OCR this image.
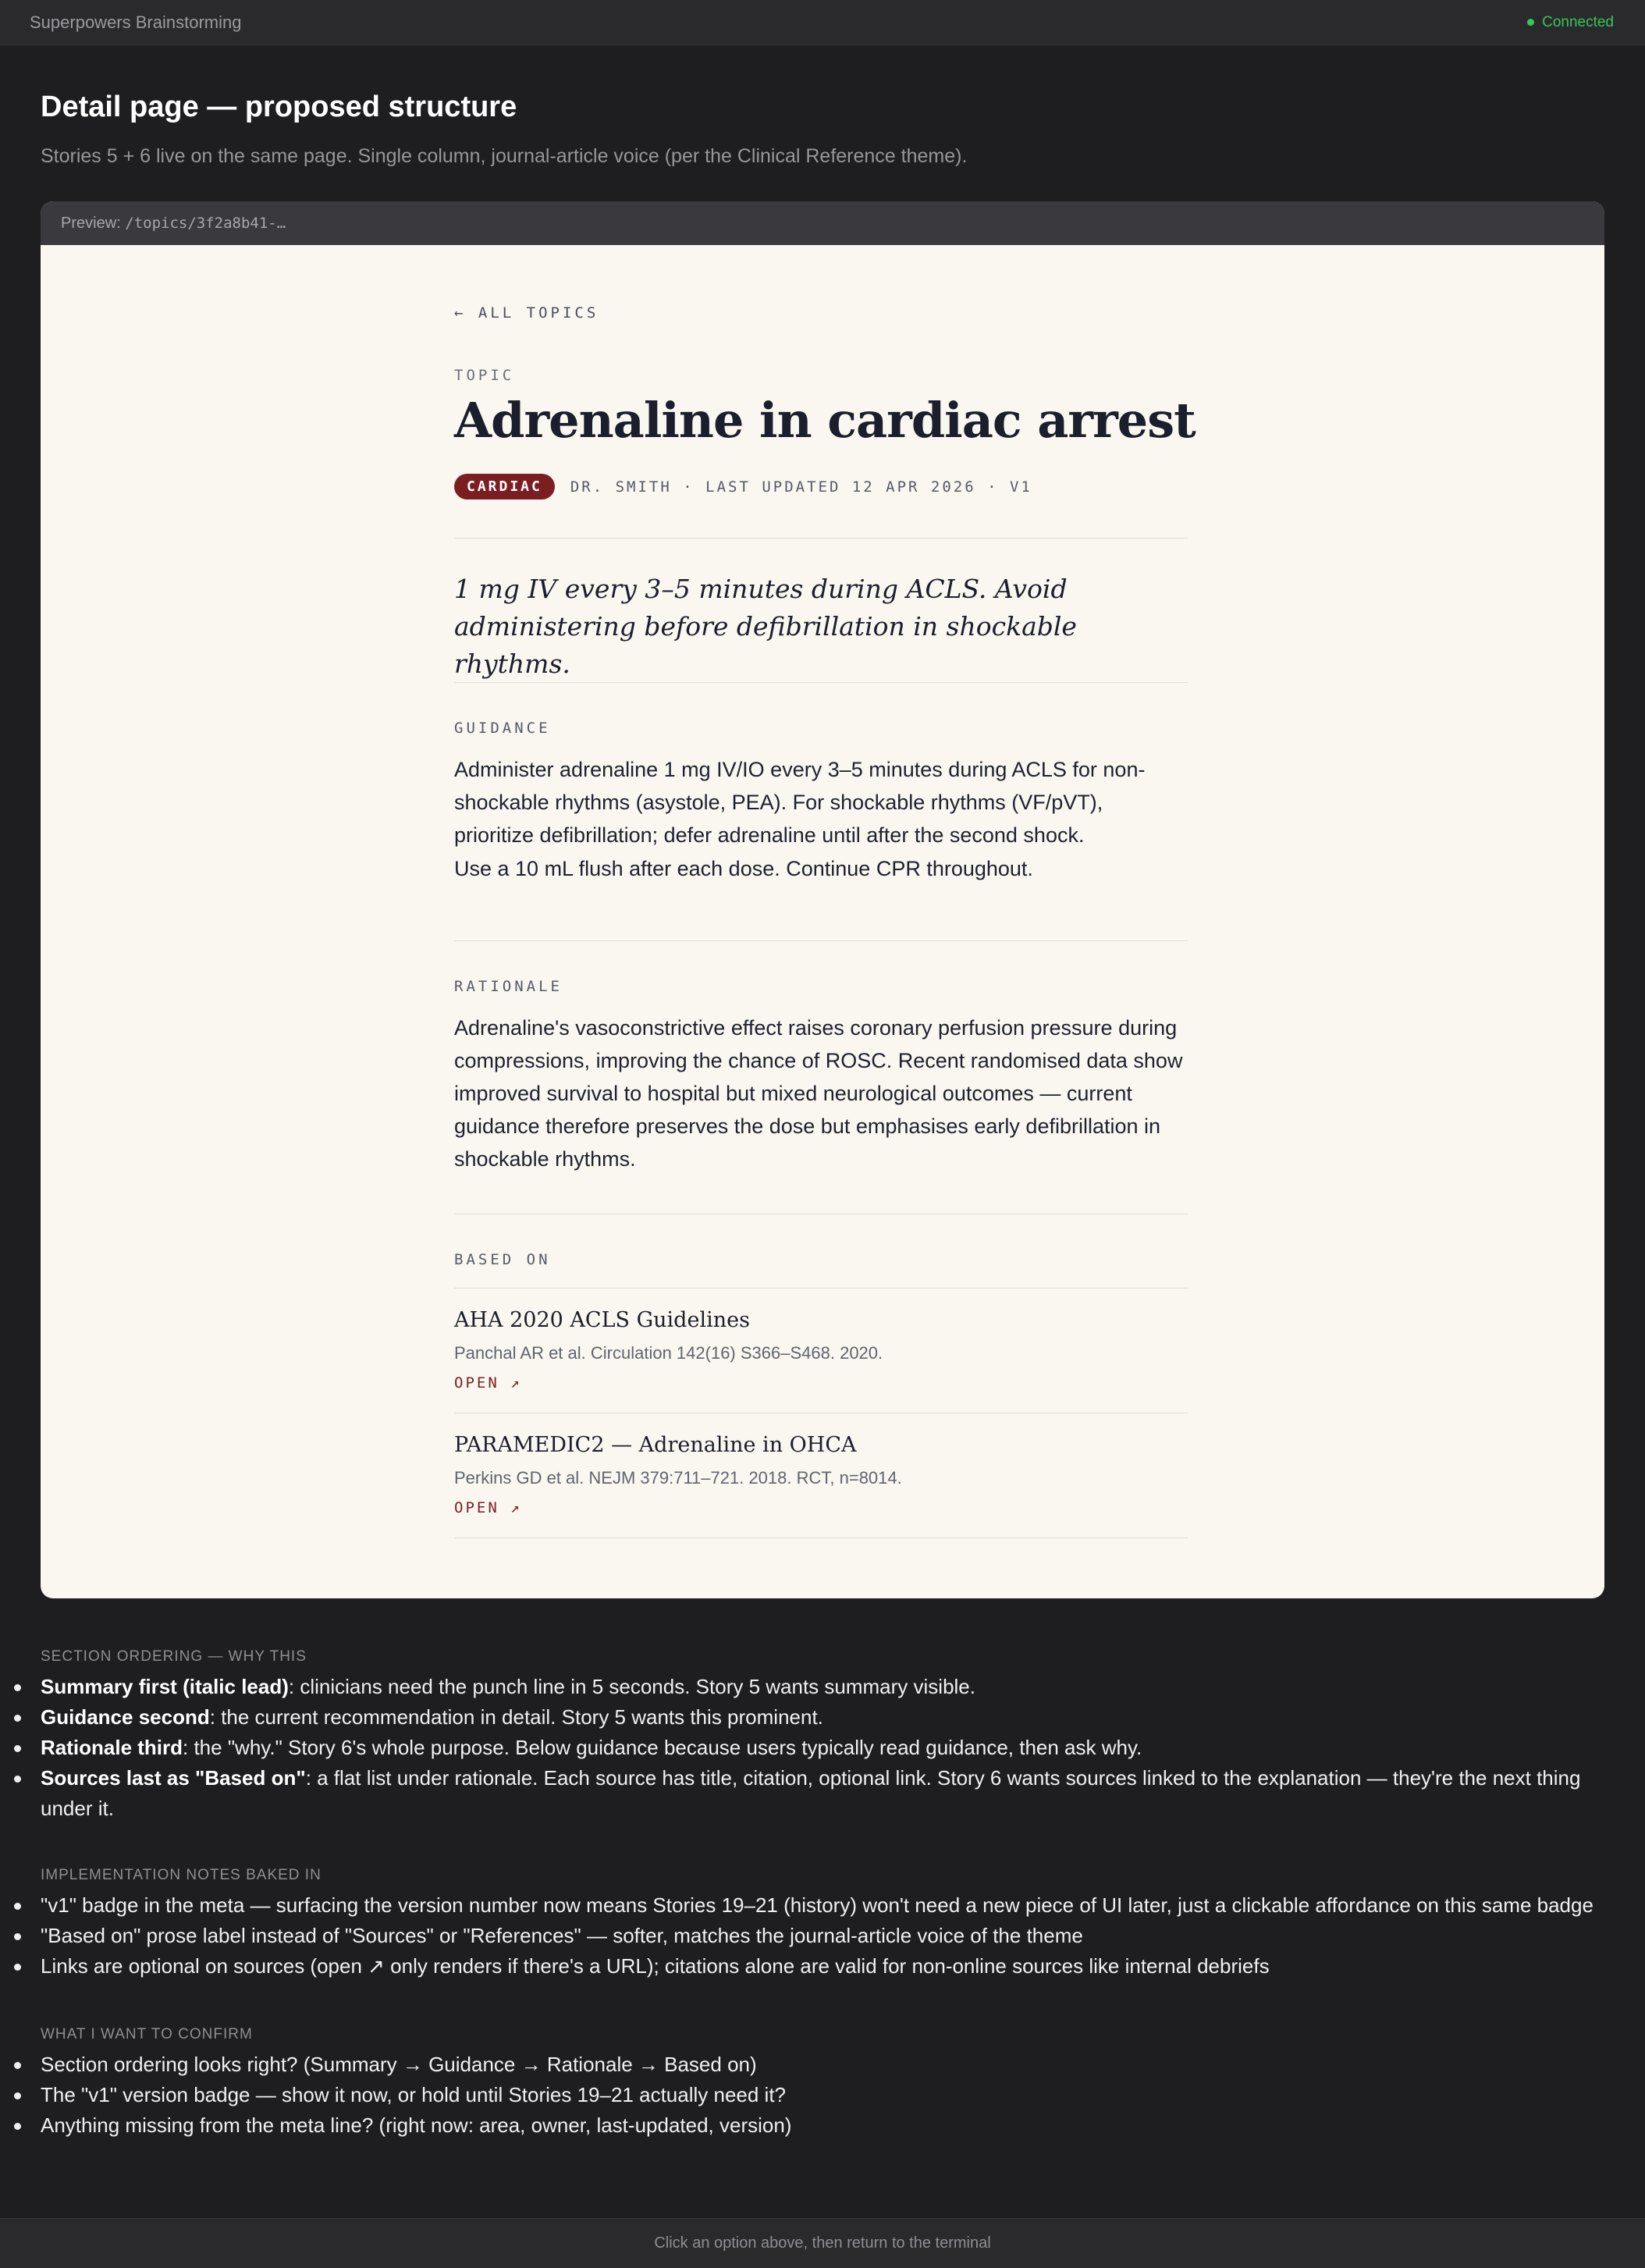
Superpowers Brainstorming	Connected
Detail page — proposed structure

Stories 5 + 6 live on the same page. Single column, journal-article voice (per the Clinical Reference theme).

Preview:
/topics/3f2a8b41-…
← ALL TOPICS
TOPIC
Adrenaline in cardiac arrest
CARDIAC	DR. SMITH · LAST UPDATED 12 APR 2026 · V1

1 mg IV every 3–5 minutes during ACLS. Avoid administering before defibrillation in shockable rhythms.

GUIDANCE

Administer adrenaline 1 mg IV/IO every 3–5 minutes during ACLS for non-shockable rhythms (asystole, PEA). For shockable rhythms (VF/pVT), prioritize defibrillation; defer adrenaline until after the second shock.

Use a 10 mL flush after each dose. Continue CPR throughout.

RATIONALE

Adrenaline's vasoconstrictive effect raises coronary perfusion pressure during compressions, improving the chance of ROSC. Recent randomised data show improved survival to hospital but mixed neurological outcomes — current guidance therefore preserves the dose but emphasises early defibrillation in shockable rhythms.

BASED ON
AHA 2020 ACLS Guidelines
Panchal AR et al. Circulation 142(16) S366–S468. 2020.
OPEN ↗
PARAMEDIC2 — Adrenaline in OHCA
Perkins GD et al. NEJM 379:711–721. 2018. RCT, n=8014.
OPEN ↗
SECTION ORDERING — WHY THIS
Summary first (italic lead): clinicians need the punch line in 5 seconds. Story 5 wants summary visible.
Guidance second: the current recommendation in detail. Story 5 wants this prominent.
Rationale third: the "why." Story 6's whole purpose. Below guidance because users typically read guidance, then ask why.
Sources last as "Based on": a flat list under rationale. Each source has title, citation, optional link. Story 6 wants sources linked to the explanation — they're the next thing under it.
IMPLEMENTATION NOTES BAKED IN
"v1" badge in the meta — surfacing the version number now means Stories 19–21 (history) won't need a new piece of UI later, just a clickable affordance on this same badge
"Based on" prose label instead of "Sources" or "References" — softer, matches the journal-article voice of the theme
Links are optional on sources (open ↗ only renders if there's a URL); citations alone are valid for non-online sources like internal debriefs
WHAT I WANT TO CONFIRM
Section ordering looks right? (Summary → Guidance → Rationale → Based on)
The "v1" version badge — show it now, or hold until Stories 19–21 actually need it?
Anything missing from the meta line? (right now: area, owner, last-updated, version)
Click an option above, then return to the terminal
